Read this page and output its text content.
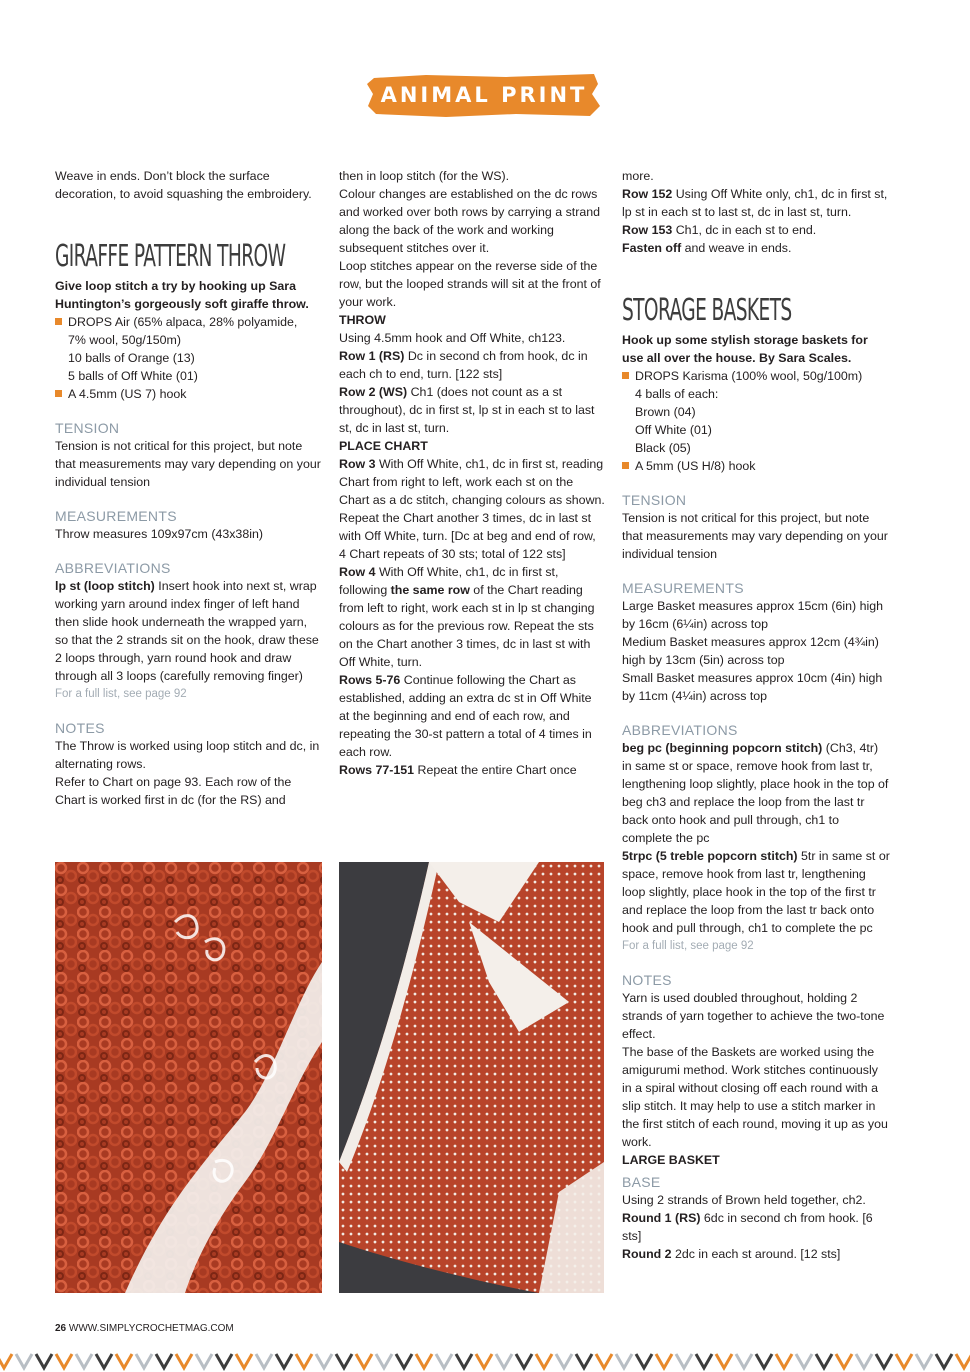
ANIMAL PRINT IDEAS

Weave in ends. Don’t block the surface decoration, to avoid squashing the embroidery.

GIRAFFE PATTERN THROW

Give loop stitch a try by hooking up Sara Huntington’s gorgeously soft giraffe throw.

DROPS Air (65% alpaca, 28% polyamide,

7% wool, 50g/150m)

10 balls of Orange (13)

5 balls of Off White (01)

A 4.5mm (US 7) hook

TENSION

Tension is not critical for this project, but note that measurements may vary depending on your individual tension

MEASUREMENTS

Throw measures 109x97cm (43x38in)

ABBREVIATIONS

lp st (loop stitch) Insert hook into next st, wrap working yarn around index finger of left hand then slide hook underneath the wrapped yarn, so that the 2 strands sit on the hook, draw these 2 loops through, yarn round hook and draw through all 3 loops (carefully removing finger)

For a full list, see page 92

NOTES

The Throw is worked using loop stitch and dc, in alternating rows.

Refer to Chart on page 93. Each row of the Chart is worked first in dc (for the RS) and

then in loop stitch (for the WS).

Colour changes are established on the dc rows and worked over both rows by carrying a strand along the back of the work and working subsequent stitches over it.

Loop stitches appear on the reverse side of the row, but the looped strands will sit at the front of your work.

THROW

Using 4.5mm hook and Off White, ch123.

Row 1 (RS) Dc in second ch from hook, dc in each ch to end, turn. [122 sts]

Row 2 (WS) Ch1 (does not count as a st throughout), dc in first st, lp st in each st to last st, dc in last st, turn.

PLACE CHART

Row 3 With Off White, ch1, dc in first st, reading Chart from right to left, work each st on the Chart as a dc stitch, changing colours as shown. Repeat the Chart another 3 times, dc in last st with Off White, turn. [Dc at beg and end of row, 4 Chart repeats of 30 sts; total of 122 sts]

Row 4 With Off White, ch1, dc in first st, following the same row of the Chart reading from left to right, work each st in lp st changing colours as for the previous row. Repeat the sts on the Chart another 3 times, dc in last st with Off White, turn.

Rows 5-76 Continue following the Chart as established, adding an extra dc st in Off White at the beginning and end of each row, and repeating the 30-st pattern a total of 4 times in each row.

Rows 77-151 Repeat the entire Chart once

more.

Row 152 Using Off White only, ch1, dc in first st, lp st in each st to last st, dc in last st, turn.

Row 153 Ch1, dc in each st to end.

Fasten off and weave in ends.

STORAGE BASKETS

Hook up some stylish storage baskets for use all over the house. By Sara Scales.

DROPS Karisma (100% wool, 50g/100m)

4 balls of each:

Brown (04)

Off White (01)

Black (05)

A 5mm (US H/8) hook

TENSION

Tension is not critical for this project, but note that measurements may vary depending on your individual tension

MEASUREMENTS

Large Basket measures approx 15cm (6in) high by 16cm (6¼in) across top

Medium Basket measures approx 12cm (4¾in) high by 13cm (5in) across top

Small Basket measures approx 10cm (4in) high by 11cm (4¼in) across top

ABBREVIATIONS

beg pc (beginning popcorn stitch) (Ch3, 4tr) in same st or space, remove hook from last tr, lengthening loop slightly, place hook in the top of beg ch3 and replace the loop from the last tr back onto hook and pull through, ch1 to complete the pc

5trpc (5 treble popcorn stitch) 5tr in same st or space, remove hook from last tr, lengthening loop slightly, place hook in the top of the first tr and replace the loop from the last tr back onto hook and pull through, ch1 to complete the pc

For a full list, see page 92

NOTES

Yarn is used doubled throughout, holding 2 strands of yarn together to achieve the two-tone effect.

The base of the Baskets are worked using the amigurumi method. Work stitches continuously in a spiral without closing off each round with a slip stitch. It may help to use a stitch marker in the first stitch of each round, moving it up as you work.

LARGE BASKET

BASE

Using 2 strands of Brown held together, ch2.

Round 1 (RS) 6dc in second ch from hook. [6 sts]

Round 2 2dc in each st around. [12 sts]

26 WWW.SIMPLYCROCHETMAG.COM
